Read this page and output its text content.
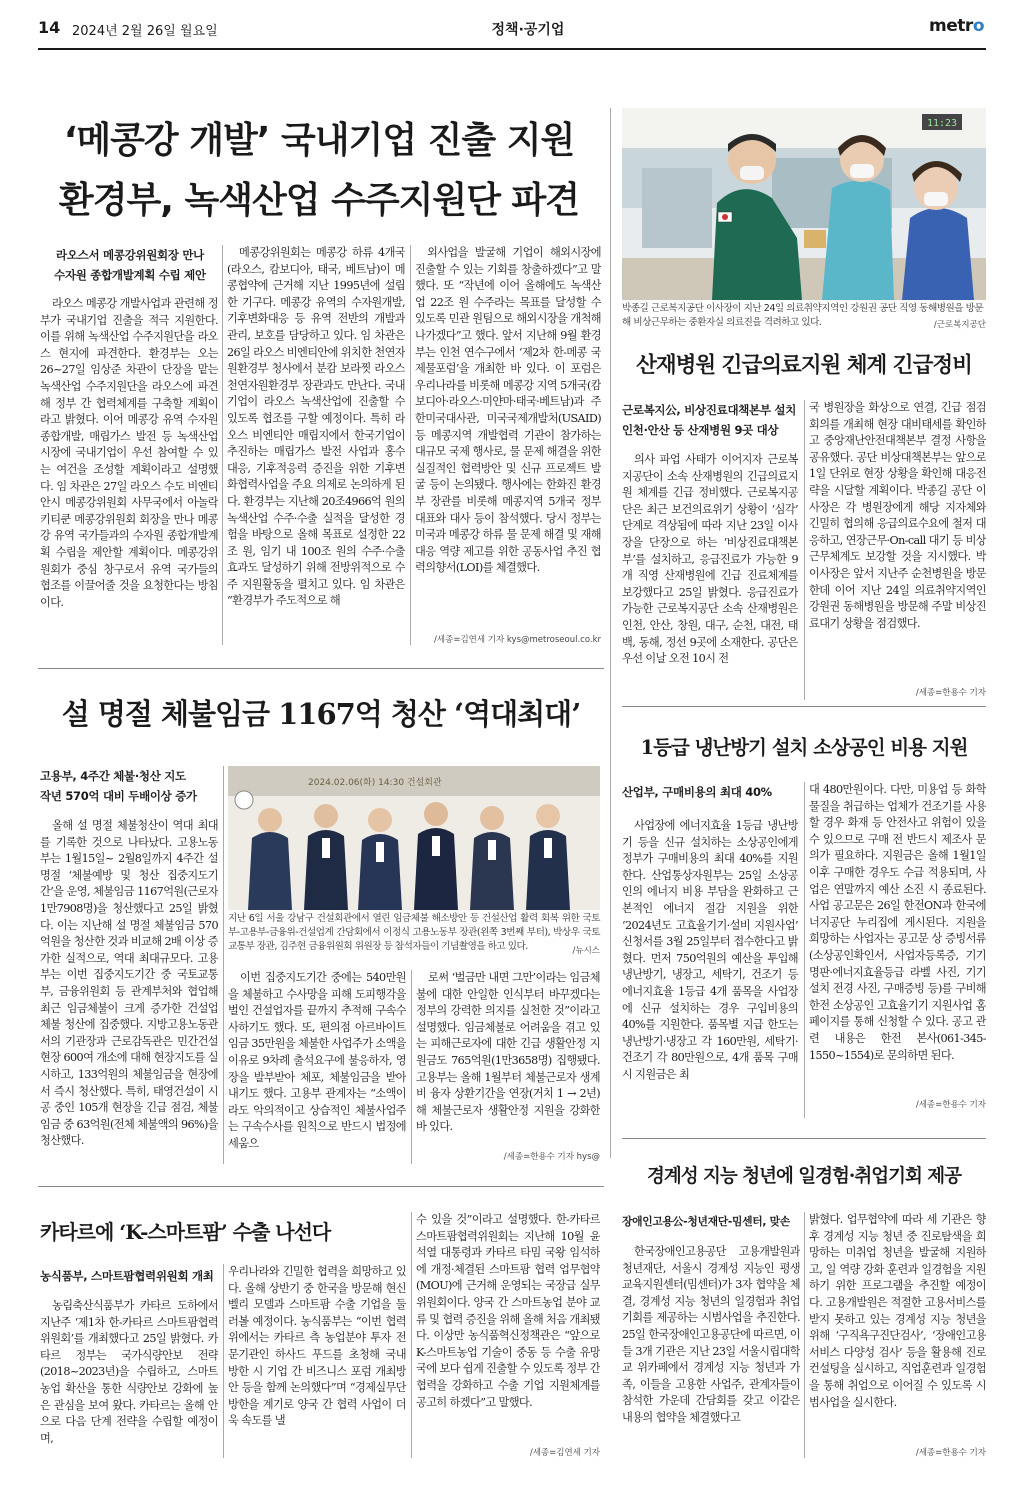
14 2024년 2월 26일 월요일	정책·공기업	metro
‘메콩강 개발’ 국내기업 진출 지원
환경부, 녹색산업 수주지원단 파견
라오스서 메콩강위원회장 만나
수자원 종합개발계획 수립 제안

라오스 메콩강 개발사업과 관련해 정부가 국내기업 진출을 적극 지원한다. 이를 위해 녹색산업 수주지원단을 라오스 현지에 파견한다. 환경부는 오는 26~27일 임상준 차관이 단장을 맡는 녹색산업 수주지원단을 라오스에 파견해 정부 간 협력체계를 구축할 계획이라고 밝혔다. 이어 메콩강 유역 수자원 종합개발, 매립가스 발전 등 녹색산업 시장에 국내기업이 우선 참여할 수 있는 여건을 조성할 계획이라고 설명했다. 임 차관은 27일 라오스 수도 비엔티안시 메콩강위원회 사무국에서 아놀락 키티쿤 메콩강위원회 회장을 만나 메콩강 유역 국가들과의 수자원 종합개발계획 수립을 제안할 계획이다. 메콩강위원회가 중심 창구로서 유역 국가들의 협조를 이끌어줄 것을 요청한다는 방침이다.

메콩강위원회는 메콩강 하류 4개국(라오스, 캄보디아, 태국, 베트남)이 메콩협약에 근거해 지난 1995년에 설립한 기구다. 메콩강 유역의 수자원개발, 기후변화대응 등 유역 전반의 개발과 관리, 보호를 담당하고 있다. 임 차관은 26일 라오스 비엔티안에 위치한 천연자원환경부 청사에서 분캄 보라찟 라오스 천연자원환경부 장관과도 만난다. 국내기업이 라오스 녹색산업에 진출할 수 있도록 협조를 구할 예정이다. 특히 라오스 비엔티안 매립지에서 한국기업이 추진하는 매립가스 발전 사업과 홍수 대응, 기후적응력 증진을 위한 기후변화협력사업을 주요 의제로 논의하게 된다. 환경부는 지난해 20조4966억 원의 녹색산업 수주·수출 실적을 달성한 경험을 바탕으로 올해 목표로 설정한 22조 원, 임기 내 100조 원의 수주·수출 효과도 달성하기 위해 전방위적으로 수주 지원활동을 펼치고 있다. 임 차관은 “환경부가 주도적으로 해

외사업을 발굴해 기업이 해외시장에 진출할 수 있는 기회를 창출하겠다”고 말했다. 또 “작년에 이어 올해에도 녹색산업 22조 원 수주라는 목표를 달성할 수 있도록 민관 원팀으로 해외시장을 개척해 나가겠다”고 했다. 앞서 지난해 9월 환경부는 인천 연수구에서 ‘제2차 한-메콩 국제물포럼’을 개최한 바 있다. 이 포럼은 우리나라를 비롯해 메콩강 지역 5개국(캄보디아·라오스·미얀마·태국·베트남)과 주한미국대사관, 미국국제개발처(USAID) 등 메콩지역 개발협력 기관이 참가하는 대규모 국제 행사로, 물 문제 해결을 위한 실질적인 협력방안 및 신규 프로젝트 발굴 등이 논의됐다. 행사에는 한화진 환경부 장관를 비롯해 메콩지역 5개국 정부 대표와 대사 등이 참석했다. 당시 정부는 미국과 메콩강 하류 물 문제 해결 및 재해대응 역량 제고를 위한 공동사업 추진 협력의향서(LOI)를 체결했다.

/세종=김연세 기자 kys@metroseoul.co.kr
11:23
박종길 근로복지공단 이사장이 지난 24일 의료취약지역인 강원권 공단 직영 동해병원을 방문해 비상근무하는 중환자실 의료진을 격려하고 있다.	/근로복지공단
산재병원 긴급의료지원 체계 긴급정비
근로복지公, 비상진료대책본부 설치
인천·안산 등 산재병원 9곳 대상

의사 파업 사태가 이어지자 근로복지공단이 소속 산재병원의 긴급의료지원 체계를 긴급 정비했다. 근로복지공단은 최근 보건의료위기 상황이 ‘심각’ 단계로 격상됨에 따라 지난 23일 이사장을 단장으로 하는 ‘비상진료대책본부’를 설치하고, 응급진료가 가능한 9개 직영 산재병원에 긴급 진료체계를 보강했다고 25일 밝혔다. 응급진료가 가능한 근로복지공단 소속 산재병원은 인천, 안산, 창원, 대구, 순천, 대전, 태백, 동해, 정선 9곳에 소재한다. 공단은 우선 이날 오전 10시 전

국 병원장을 화상으로 연결, 긴급 점검회의를 개최해 현장 대비태세를 확인하고 중앙재난안전대책본부 결정 사항을 공유했다. 공단 비상대책본부는 앞으로 1일 단위로 현장 상황을 확인해 대응전략을 시달할 계획이다. 박종길 공단 이사장은 각 병원장에게 해당 지자체와 긴밀히 협의해 응급의료수요에 철저 대응하고, 연장근무·On-call 대기 등 비상근무체계도 보강할 것을 지시했다. 박 이사장은 앞서 지난주 순천병원을 방문한데 이어 지난 24일 의료취약지역인 강원권 동해병원을 방문해 주말 비상진료대기 상황을 점검했다.

/세종=한용수 기자
설 명절 체불임금 1167억 청산 ‘역대최대’
고용부, 4주간 체불·청산 지도
작년 570억 대비 두배이상 증가

올해 설 명절 체불청산이 역대 최대를 기록한 것으로 나타났다. 고용노동부는 1월15일~ 2월8일까지 4주간 설 명절 ‘체불예방 및 청산 집중지도기간’을 운영, 체불임금 1167억원(근로자 1만7908명)을 청산했다고 25일 밝혔다. 이는 지난해 설 명절 체불임금 570억원을 청산한 것과 비교해 2배 이상 증가한 실적으로, 역대 최대규모다. 고용부는 이번 집중지도기간 중 국토교통부, 금융위원회 등 관계부처와 협업해 최근 임금체불이 크게 증가한 건설업 체불 청산에 집중했다. 지방고용노동관서의 기관장과 근로감독관은 민간건설현장 600여 개소에 대해 현장지도를 실시하고, 133억원의 체불임금을 현장에서 즉시 청산했다. 특히, 태영건설이 시공 중인 105개 현장을 긴급 점검, 체불임금 중 63억원(전체 체불액의 96%)을 청산했다.

2024.02.06(화) 14:30 건설회관
지난 6일 서울 강남구 건설회관에서 열린 임금체불 해소방안 등 건설산업 활력 회복 위한 국토부-고용부-금융위-건설업계 간담회에서 이정식 고용노동부 장관(왼쪽 3번째 부터), 박상우 국토교통부 장관, 김주현 금융위원회 위원장 등 참석자들이 기념촬영을 하고 있다.	/뉴시스

이번 집중지도기간 중에는 540만원을 체불하고 수사망을 피해 도피행각을 벌인 건설업자를 끝까지 추적해 구속수사하기도 했다. 또, 편의점 아르바이트 임금 35만원을 체불한 사업주가 소액을 이유로 9차례 출석요구에 불응하자, 영장을 발부받아 체포, 체불임금을 받아내기도 했다. 고용부 관계자는 “소액이라도 악의적이고 상습적인 체불사업주는 구속수사를 원칙으로 반드시 법정에 세움으

로써 ‘벌금만 내면 그만’이라는 임금체불에 대한 안일한 인식부터 바꾸겠다는 정부의 강력한 의지를 실천한 것”이라고 설명했다. 임금체불로 어려움을 겪고 있는 피해근로자에 대한 긴급 생활안정 지원금도 765억원(1만3658명) 집행됐다. 고용부는 올해 1월부터 체불근로자 생계비 융자 상환기간을 연장(거치 1 → 2년)해 체불근로자 생활안정 지원을 강화한 바 있다.

/세종=한용수 기자 hys@
1등급 냉난방기 설치 소상공인 비용 지원
산업부, 구매비용의 최대 40%

사업장에 에너지효율 1등급 냉난방기 등을 신규 설치하는 소상공인에게 정부가 구매비용의 최대 40%를 지원한다. 산업통상자원부는 25일 소상공인의 에너지 비용 부담을 완화하고 근본적인 에너지 절감 지원을 위한 ‘2024년도 고효율기기·설비 지원사업’ 신청서를 3월 25일부터 접수한다고 밝혔다. 먼저 750억원의 예산을 투입해 냉난방기, 냉장고, 세탁기, 건조기 등 에너지효율 1등급 4개 품목을 사업장에 신규 설치하는 경우 구입비용의 40%를 지원한다. 품목별 지급 한도는 냉난방기·냉장고 각 160만원, 세탁기·건조기 각 80만원으로, 4개 품목 구매시 지원금은 최

대 480만원이다. 다만, 미용업 등 화학물질을 취급하는 업체가 건조기를 사용할 경우 화재 등 안전사고 위험이 있을 수 있으므로 구매 전 반드시 제조사 문의가 필요하다. 지원금은 올해 1월1일 이후 구매한 경우도 수급 적용되며, 사업은 연말까지 예산 소진 시 종료된다. 사업 공고문은 26일 한전ON과 한국에너지공단 누리집에 게시된다. 지원을 희망하는 사업자는 공고문 상 증빙서류(소상공인확인서, 사업자등록증, 기기명판·에너지효율등급 라벨 사진, 기기설치 전경 사진, 구매증빙 등)를 구비해 한전 소상공인 고효율기기 지원사업 홈페이지를 통해 신청할 수 있다. 공고 관련 내용은 한전 본사(061-345-1550~1554)로 문의하면 된다.

/세종=한용수 기자
카타르에 ‘K-스마트팜’ 수출 나선다
농식품부, 스마트팜협력위원회 개최

농림축산식품부가 카타르 도하에서 지난주 ‘제1차 한-카타르 스마트팜협력위원회’를 개최했다고 25일 밝혔다. 카타르 정부는 국가식량안보 전략(2018~2023년)을 수립하고, 스마트농업 확산을 통한 식량안보 강화에 높은 관심을 보여 왔다. 카타르는 올해 안으로 다음 단계 전략을 수립할 예정이며,

우리나라와 긴밀한 협력을 희망하고 있다. 올해 상반기 중 한국을 방문해 현신벨리 모델과 스마트팜 수출 기업을 둘러볼 예정이다. 농식품부는 “이번 협력위에서는 카타르 측 농업분야 투자 전문기관인 하사드 푸드를 초청해 국내 방한 시 기업 간 비즈니스 포럼 개최방안 등을 함께 논의했다”며 “경제실무단 방한을 계기로 양국 간 협력 사업이 더욱 속도를 낼

수 있을 것”이라고 설명했다. 한-카타르 스마트팜협력위원회는 지난해 10월 윤석열 대통령과 카타르 타밈 국왕 임석하에 개정·체결된 스마트팜 협력 업무협약(MOU)에 근거해 운영되는 국장급 실무위원회이다. 양국 간 스마트농업 분야 교류 및 협력 증진을 위해 올해 처음 개최됐다. 이상만 농식품혁신정책관은 “앞으로 K-스마트농업 기술이 중동 등 수출 유망국에 보다 쉽게 진출할 수 있도록 정부 간 협력을 강화하고 수출 기업 지원체계를 공고히 하겠다”고 말했다.

/세종=김연세 기자
경계성 지능 청년에 일경험·취업기회 제공
장애인고용公-청년재단-밈센터, 맞손

한국장애인고용공단 고용개발원과 청년재단, 서울시 경계성 지능인 평생교육지원센터(밈센터)가 3자 협약을 체결, 경계성 지능 청년의 일경험과 취업 기회를 제공하는 시범사업을 추진한다. 25일 한국장애인고용공단에 따르면, 이들 3개 기관은 지난 23일 서울시립대학교 위카페에서 경계성 지능 청년과 가족, 이들을 고용한 사업주, 관계자들이 참석한 가운데 간담회를 갖고 이같은 내용의 협약을 체결했다고

밝혔다. 업무협약에 따라 세 기관은 향후 경계성 지능 청년 중 진로탐색을 희망하는 미취업 청년을 발굴해 지원하고, 일 역량 강화 훈련과 일경험을 지원하기 위한 프로그램을 추진할 예정이다. 고용개발원은 적절한 고용서비스를 받지 못하고 있는 경계성 지능 청년을 위해 ‘구직욕구진단검사’, ‘장애인고용 서비스 다양성 검사’ 등을 활용해 진로 컨설팅을 실시하고, 직업훈련과 일경험을 통해 취업으로 이어질 수 있도록 시범사업을 실시한다.

/세종=한용수 기자
